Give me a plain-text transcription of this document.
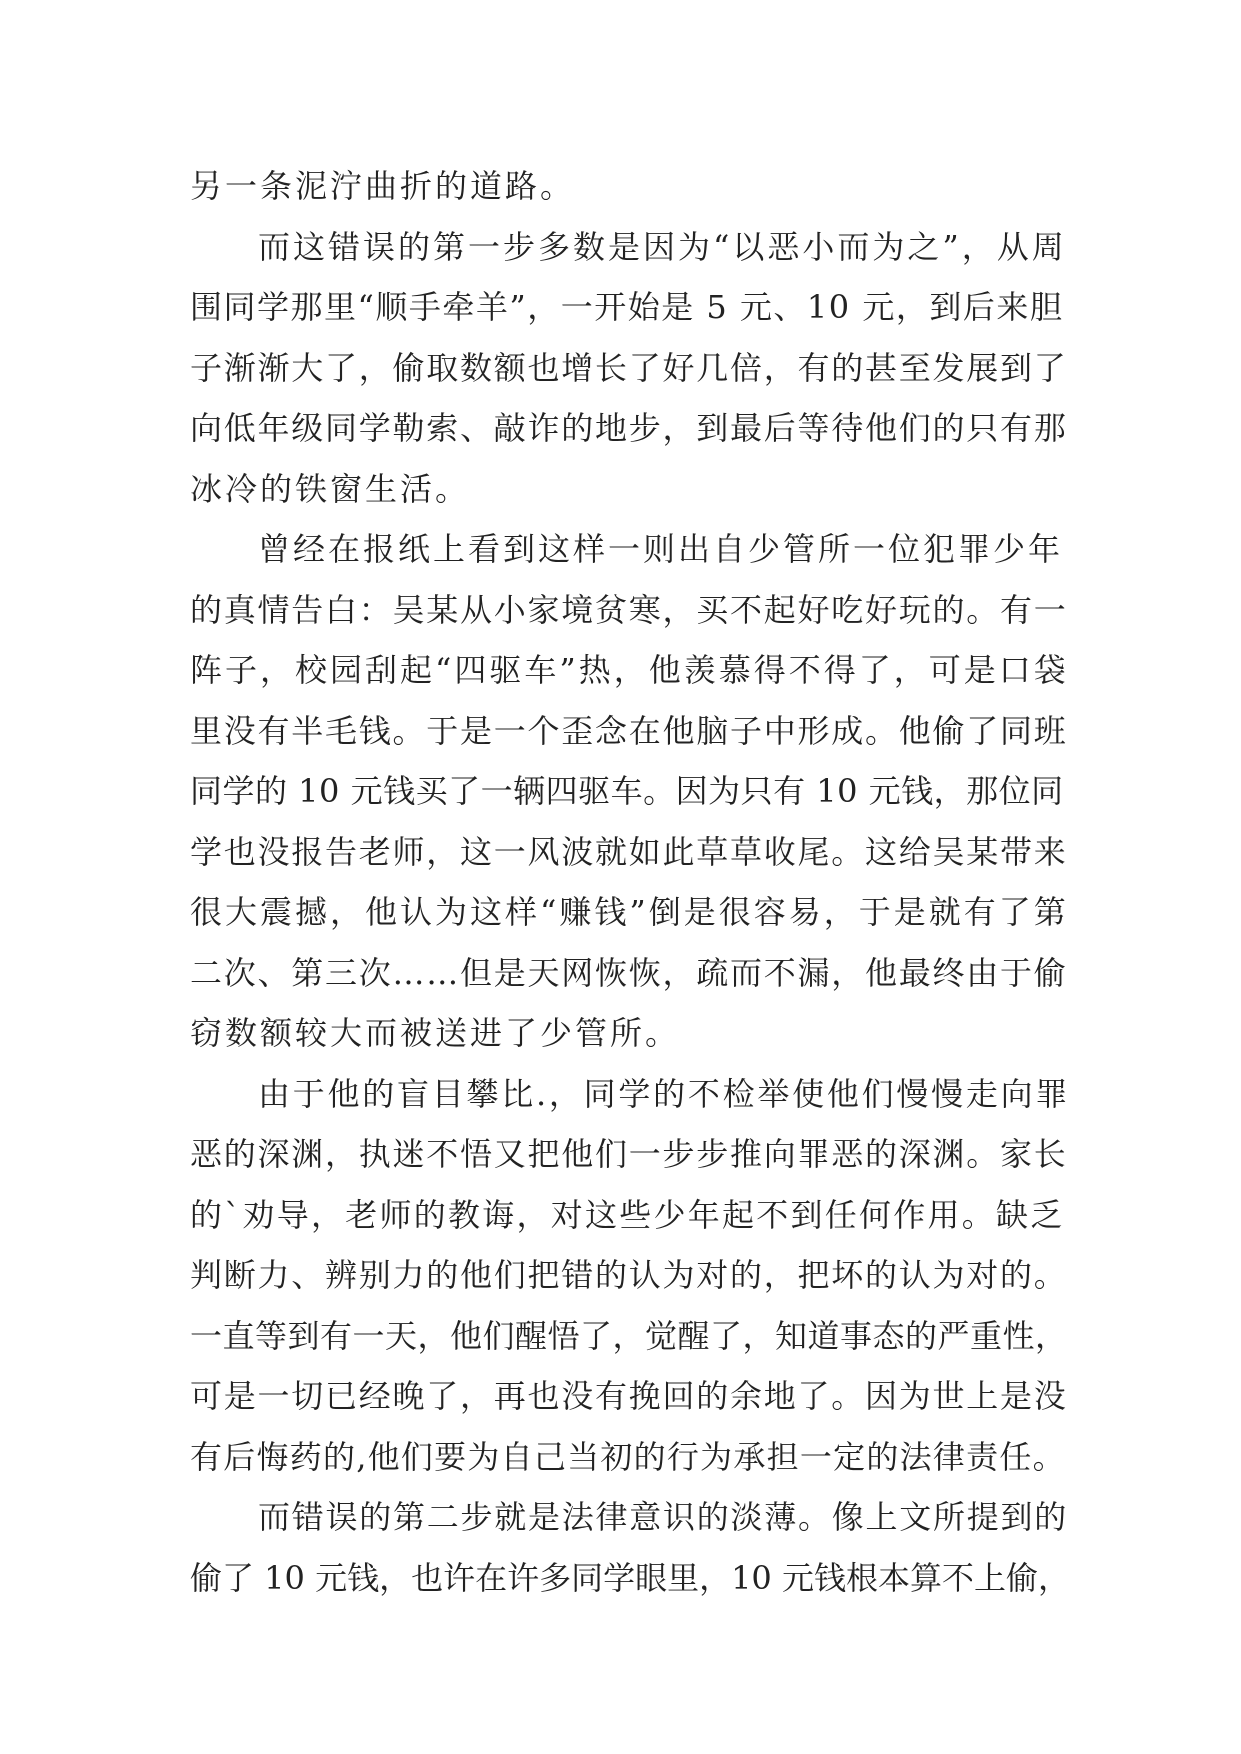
另一条泥泞曲折的道路。
而这错误的第一步多数是因为“以恶小而为之”，从周
围同学那里“顺手牵羊”，一开始是 5 元、10 元，到后来胆
子渐渐大了，偷取数额也增长了好几倍，有的甚至发展到了
向低年级同学勒索、敲诈的地步，到最后等待他们的只有那
冰冷的铁窗生活。
曾经在报纸上看到这样一则出自少管所一位犯罪少年
的真情告白：吴某从小家境贫寒，买不起好吃好玩的。有一
阵子，校园刮起“四驱车”热，他羡慕得不得了，可是口袋
里没有半毛钱。于是一个歪念在他脑子中形成。他偷了同班
同学的 10 元钱买了一辆四驱车。因为只有 10 元钱，那位同
学也没报告老师，这一风波就如此草草收尾。这给吴某带来
很大震撼，他认为这样“赚钱”倒是很容易，于是就有了第
二次、第三次……但是天网恢恢，疏而不漏，他最终由于偷
窃数额较大而被送进了少管所。
由于他的盲目攀比.，同学的不检举使他们慢慢走向罪
恶的深渊，执迷不悟又把他们一步步推向罪恶的深渊。家长
的`劝导，老师的教诲，对这些少年起不到任何作用。缺乏
判断力、辨别力的他们把错的认为对的，把坏的认为对的。
一直等到有一天，他们醒悟了，觉醒了，知道事态的严重性，
可是一切已经晚了，再也没有挽回的余地了。因为世上是没
有后悔药的,他们要为自己当初的行为承担一定的法律责任。
而错误的第二步就是法律意识的淡薄。像上文所提到的
偷了 10 元钱，也许在许多同学眼里，10 元钱根本算不上偷，
